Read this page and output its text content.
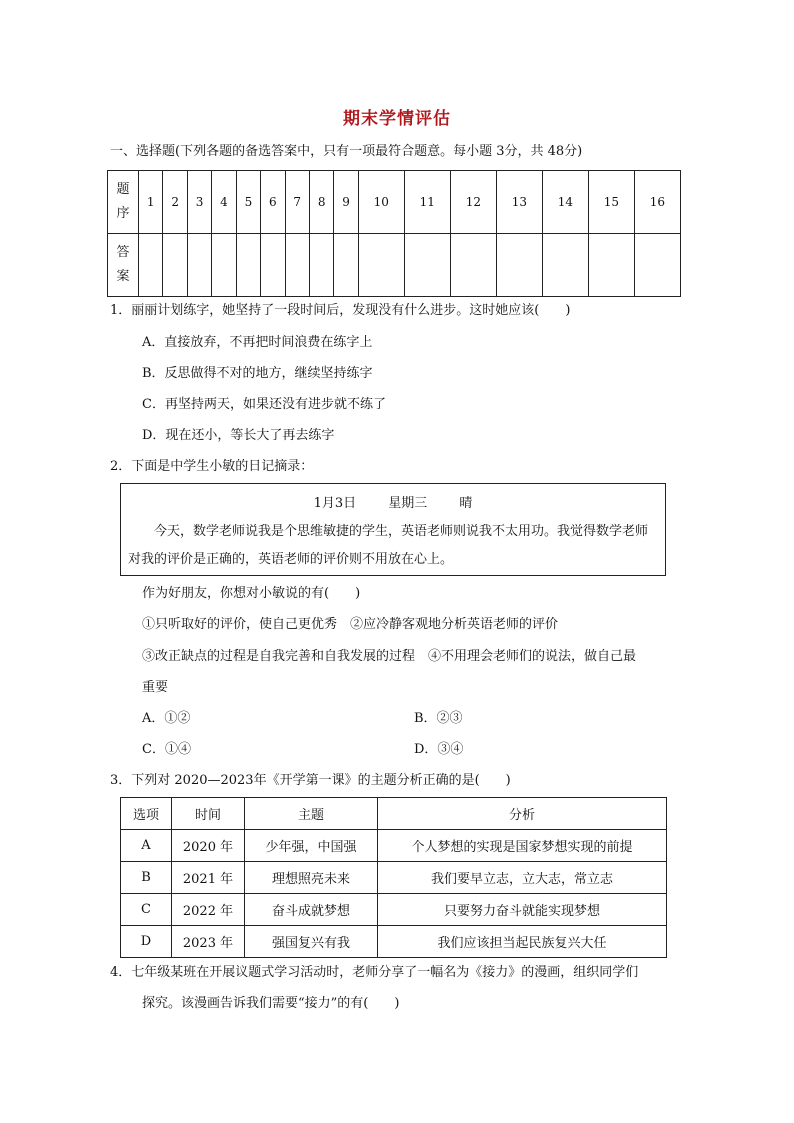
期末学情评估
一、选择题(下列各题的备选答案中，只有一项最符合题意。每小题 3分，共 48分)
题
序	1	2	3	4	5	6	7	8	9	10	11	12	13	14	15	16

答
案																

1．丽丽计划练字，她坚持了一段时间后，发现没有什么进步。这时她应该(　　)
A．直接放弃，不再把时间浪费在练字上
B．反思做得不对的地方，继续坚持练字
C．再坚持两天，如果还没有进步就不练了
D．现在还小，等长大了再去练字
2．下面是中学生小敏的日记摘录：
1月3日 星期三 晴
今天，数学老师说我是个思维敏捷的学生，英语老师则说我不太用功。我觉得数学老师对我的评价是正确的，英语老师的评价则不用放在心上。
作为好朋友，你想对小敏说的有(　　)
①只听取好的评价，使自己更优秀　②应冷静客观地分析英语老师的评价
③改正缺点的过程是自我完善和自我发展的过程　④不用理会老师们的说法，做自己最
重要
A．①②	B．②③
C．①④	D．③④
3．下列对 2020—2023年《开学第一课》的主题分析正确的是(　　)
选项	时间	主题	分析
A	2020 年	少年强，中国强	个人梦想的实现是国家梦想实现的前提
B	2021 年	理想照亮未来	我们要早立志，立大志，常立志
C	2022 年	奋斗成就梦想	只要努力奋斗就能实现梦想
D	2023 年	强国复兴有我	我们应该担当起民族复兴大任
4．七年级某班在开展议题式学习活动时，老师分享了一幅名为《接力》的漫画，组织同学们
探究。该漫画告诉我们需要“接力”的有(　　)
